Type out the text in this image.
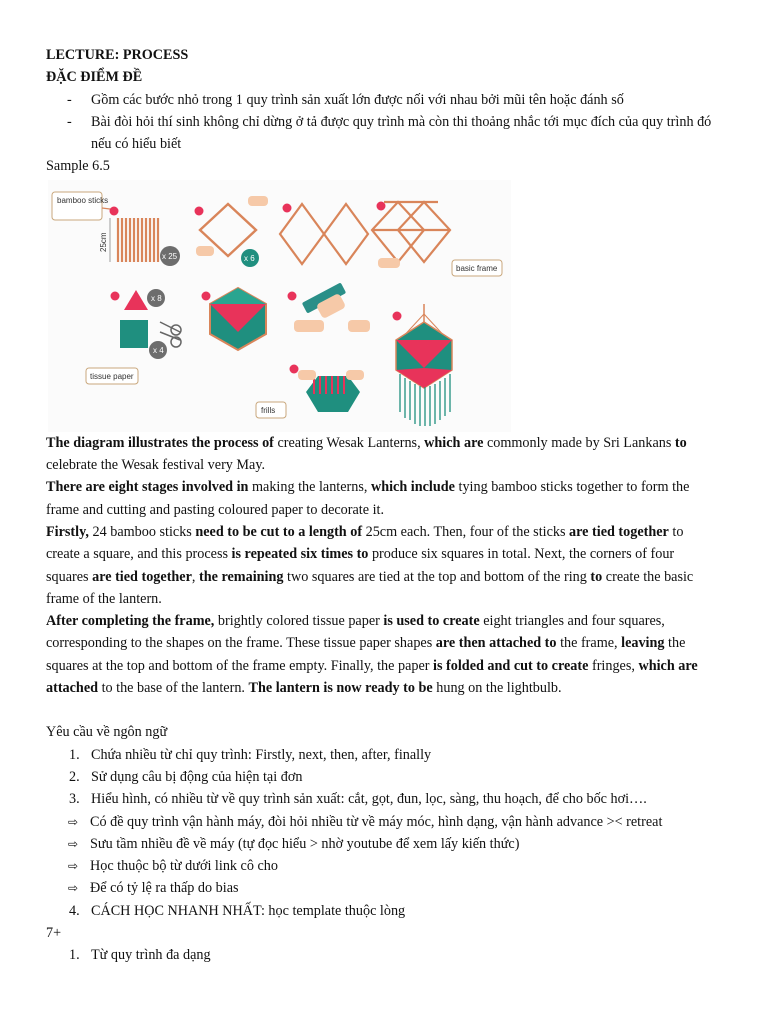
LECTURE: PROCESS
ĐẶC ĐIỂM ĐỀ
-	Gồm các bước nhỏ trong 1 quy trình sản xuất lớn được nối với nhau bởi mũi tên hoặc đánh số
-	Bài đòi hỏi thí sinh không chỉ dừng ở tả được quy trình mà còn thi thoảng nhắc tới mục đích của quy trình đó nếu có hiểu biết
Sample 6.5
bamboo sticks
25cm
x 25	x 6
basic frame
x 8
x 4
tissue paper
frills

The diagram illustrates the process of creating Wesak Lanterns, which are commonly made by Sri Lankans to celebrate the Wesak festival very May.

There are eight stages involved in making the lanterns, which include tying bamboo sticks together to form the frame and cutting and pasting coloured paper to decorate it.

Firstly, 24 bamboo sticks need to be cut to a length of 25cm each. Then, four of the sticks are tied together to create a square, and this process is repeated six times to produce six squares in total. Next, the corners of four squares are tied together, the remaining two squares are tied at the top and bottom of the ring to create the basic frame of the lantern.

After completing the frame, brightly colored tissue paper is used to create eight triangles and four squares, corresponding to the shapes on the frame. These tissue paper shapes are then attached to the frame, leaving the squares at the top and bottom of the frame empty. Finally, the paper is folded and cut to create fringes, which are attached to the base of the lantern. The lantern is now ready to be hung on the lightbulb.

Yêu cầu về ngôn ngữ
1. Chứa nhiều từ chỉ quy trình: Firstly, next, then, after, finally
2. Sử dụng câu bị động của hiện tại đơn
3. Hiểu hình, có nhiều từ về quy trình sản xuất: cắt, gọt, đun, lọc, sàng, thu hoạch, để cho bốc hơi….
⇨ Có đề quy trình vận hành máy, đòi hỏi nhiều từ về máy móc, hình dạng, vận hành advance >< retreat
⇨ Sưu tầm nhiều đề về máy (tự đọc hiểu > nhờ youtube để xem lấy kiến thức)
⇨ Học thuộc bộ từ dưới link cô cho
⇨ Để có tỷ lệ ra thấp do bias
4. CÁCH HỌC NHANH NHẤT: học template thuộc lòng
7+
1. Từ quy trình đa dạng
